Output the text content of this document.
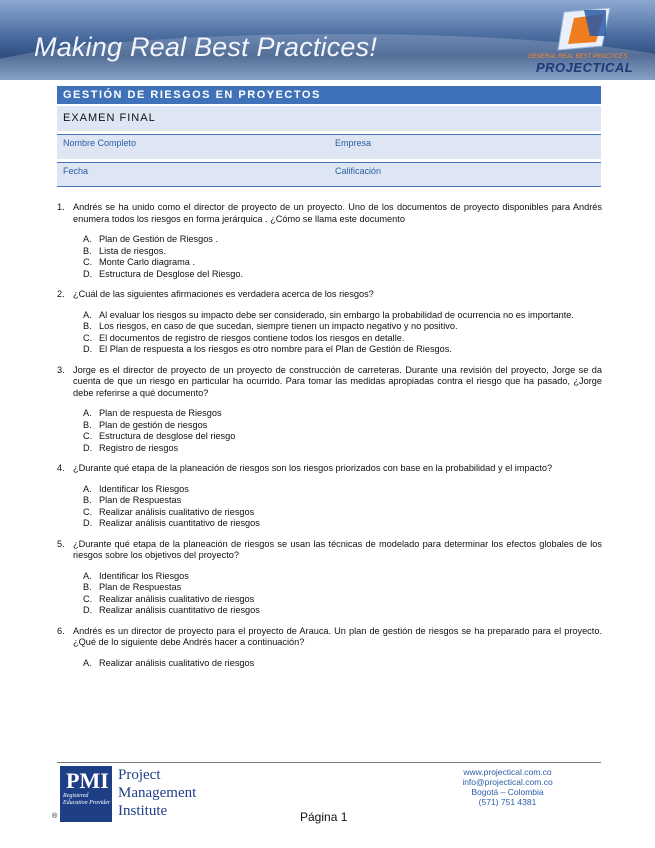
Making Real Best Practices!	GENERAL REAL BEST PRACTICES
PROJECTICAL
GESTIÓN DE RIESGOS EN PROYECTOS
EXAMEN FINAL
Nombre Completo	Empresa
Fecha	Calificación
1. Andrés se ha unido como el director de proyecto de un proyecto. Uno de los documentos de proyecto disponibles para Andrés enumera todos los riesgos en forma jerárquica . ¿Cómo se llama este documento
A. Plan de Gestión de Riesgos .
B. Lista de riesgos.
C. Monte Carlo diagrama .
D. Estructura de Desglose del Riesgo.
2. ¿Cuál de las siguientes afirmaciones es verdadera acerca de los riesgos?
A. Al evaluar los riesgos su impacto debe ser considerado, sin embargo la probabilidad de ocurrencia no es importante.
B. Los riesgos, en caso de que sucedan, siempre tienen un impacto negativo y no positivo.
C. El documentos de registro de riesgos contiene todos los riesgos en detalle.
D. El Plan de respuesta a los riesgos es otro nombre para el Plan de Gestión de Riesgos.
3. Jorge es el director de proyecto de un proyecto de construcción de carreteras. Durante una revisión del proyecto, Jorge se da cuenta de que un riesgo en particular ha ocurrido. Para tomar las medidas apropiadas contra el riesgo que ha pasado, ¿Jorge debe referirse a qué documento?
A. Plan de respuesta de Riesgos
B. Plan de gestión de riesgos
C. Estructura de desglose del riesgo
D. Registro de riesgos
4. ¿Durante qué etapa de la planeación de riesgos son los riesgos priorizados con base en la probabilidad y el impacto?
A. Identificar los Riesgos
B. Plan de Respuestas
C. Realizar análisis cualitativo de riesgos
D. Realizar análisis cuantitativo de riesgos
5. ¿Durante qué etapa de la planeación de riesgos se usan las técnicas de modelado para determinar los efectos globales de los riesgos sobre los objetivos del proyecto?
A. Identificar los Riesgos
B. Plan de Respuestas
C. Realizar análisis cualitativo de riesgos
D. Realizar análisis cuantitativo de riesgos
6. Andrés es un director de proyecto para el proyecto de Arauca. Un plan de gestión de riesgos se ha preparado para el proyecto. ¿Qué de lo siguiente debe Andrés hacer a continuación?
A. Realizar análisis cualitativo de riesgos
PMI
Registered Education Provider
Project
Management
Institute
®	Página 1
www.projectical.com.co
info@projectical.com.co
Bogotá – Colombia
(571) 751 4381
